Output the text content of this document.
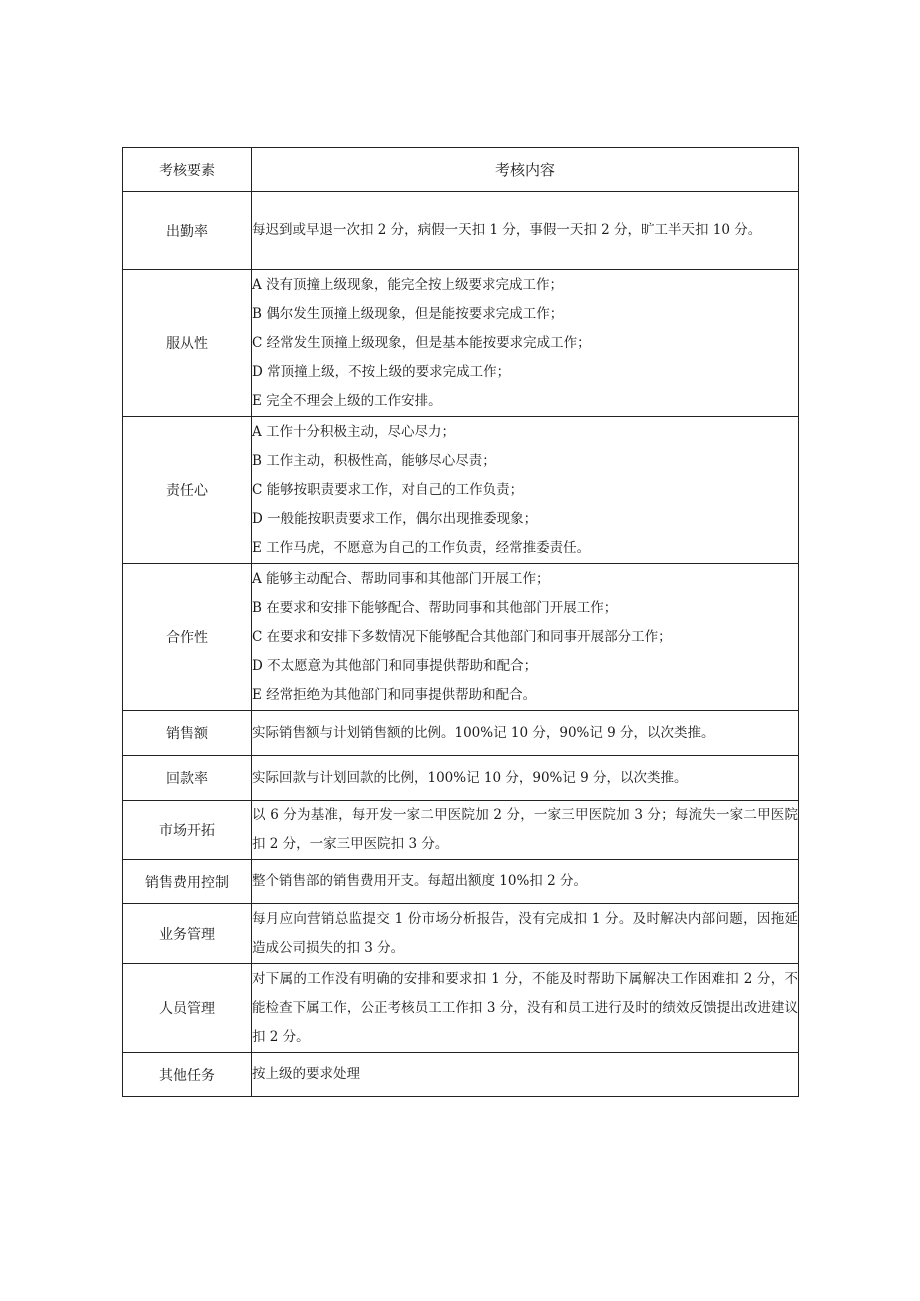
考核要素	考核内容
出勤率	每迟到或早退一次扣 2 分，病假一天扣 1 分，事假一天扣 2 分，旷工半天扣 10 分。

服从性	A 没有顶撞上级现象，能完全按上级要求完成工作；
B 偶尔发生顶撞上级现象，但是能按要求完成工作；
C 经常发生顶撞上级现象，但是基本能按要求完成工作；
D 常顶撞上级，不按上级的要求完成工作；
E 完全不理会上级的工作安排。

责任心	A 工作十分积极主动，尽心尽力；
B 工作主动，积极性高，能够尽心尽责；
C 能够按职责要求工作，对自己的工作负责；
D 一般能按职责要求工作，偶尔出现推委现象；
E 工作马虎，不愿意为自己的工作负责，经常推委责任。

合作性	A 能够主动配合、帮助同事和其他部门开展工作；
B 在要求和安排下能够配合、帮助同事和其他部门开展工作；
C 在要求和安排下多数情况下能够配合其他部门和同事开展部分工作；
D 不太愿意为其他部门和同事提供帮助和配合；
E 经常拒绝为其他部门和同事提供帮助和配合。

销售额	实际销售额与计划销售额的比例。100%记 10 分，90%记 9 分，以次类推。

回款率	实际回款与计划回款的比例，100%记 10 分，90%记 9 分，以次类推。

市场开拓	以 6 分为基准，每开发一家二甲医院加 2 分，一家三甲医院加 3 分；每流失一家二甲医院扣 2 分，一家三甲医院扣 3 分。

销售费用控制	整个销售部的销售费用开支。每超出额度 10%扣 2 分。

业务管理	每月应向营销总监提交 1 份市场分析报告，没有完成扣 1 分。及时解决内部问题，因拖延造成公司损失的扣 3 分。

人员管理	对下属的工作没有明确的安排和要求扣 1 分，不能及时帮助下属解决工作困难扣 2 分，不能检查下属工作，公正考核员工工作扣 3 分，没有和员工进行及时的绩效反馈提出改进建议扣 2 分。

其他任务	按上级的要求处理
